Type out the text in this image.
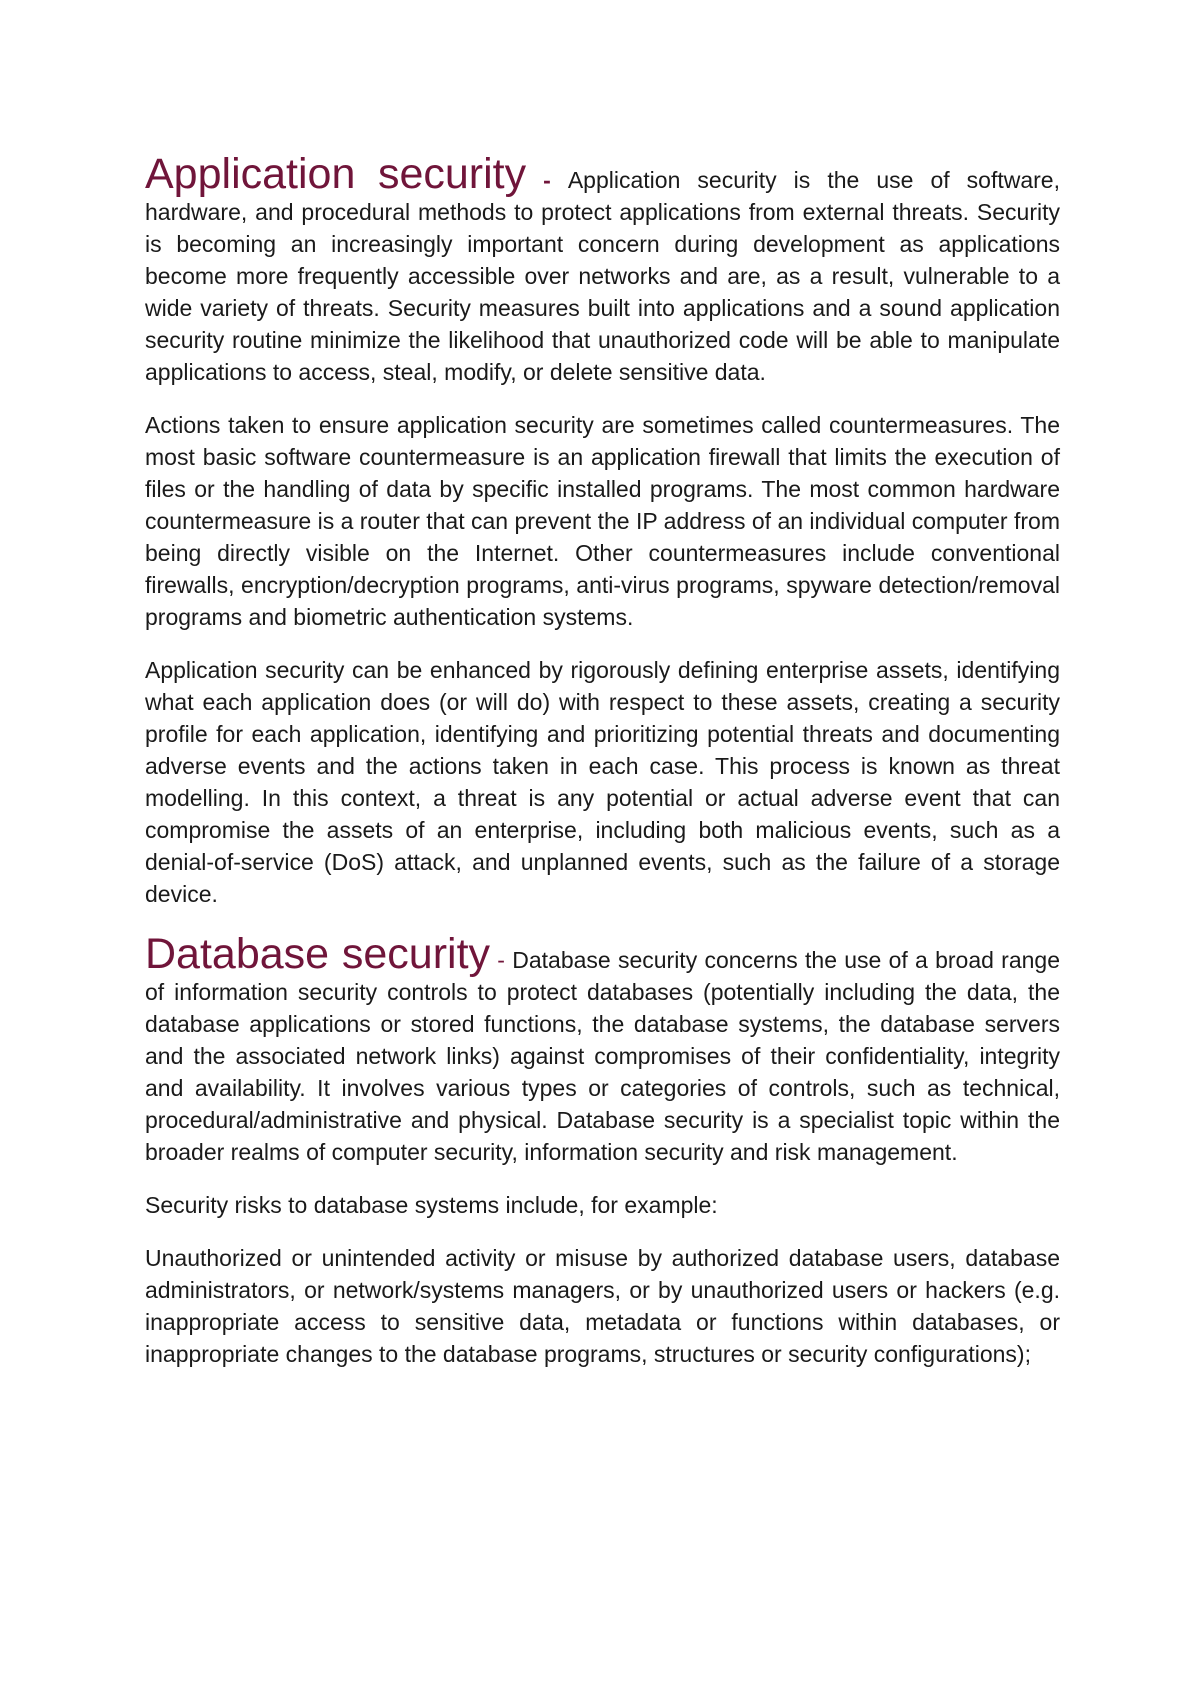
Application security - Application security is the use of software, hardware, and procedural methods to protect applications from external threats. Security is becoming an increasingly important concern during development as applications become more frequently accessible over networks and are, as a result, vulnerable to a wide variety of threats. Security measures built into applications and a sound application security routine minimize the likelihood that unauthorized code will be able to manipulate applications to access, steal, modify, or delete sensitive data.

Actions taken to ensure application security are sometimes called countermeasures. The most basic software countermeasure is an application firewall that limits the execution of files or the handling of data by specific installed programs. The most common hardware countermeasure is a router that can prevent the IP address of an individual computer from being directly visible on the Internet. Other countermeasures include conventional firewalls, encryption/decryption programs, anti-virus programs, spyware detection/removal programs and biometric authentication systems.

Application security can be enhanced by rigorously defining enterprise assets, identifying what each application does (or will do) with respect to these assets, creating a security profile for each application, identifying and prioritizing potential threats and documenting adverse events and the actions taken in each case. This process is known as threat modelling. In this context, a threat is any potential or actual adverse event that can compromise the assets of an enterprise, including both malicious events, such as a denial-of-service (DoS) attack, and unplanned events, such as the failure of a storage device.

Database security - Database security concerns the use of a broad range of information security controls to protect databases (potentially including the data, the database applications or stored functions, the database systems, the database servers and the associated network links) against compromises of their confidentiality, integrity and availability. It involves various types or categories of controls, such as technical, procedural/administrative and physical. Database security is a specialist topic within the broader realms of computer security, information security and risk management.

Security risks to database systems include, for example:

Unauthorized or unintended activity or misuse by authorized database users, database administrators, or network/systems managers, or by unauthorized users or hackers (e.g. inappropriate access to sensitive data, metadata or functions within databases, or inappropriate changes to the database programs, structures or security configurations);
